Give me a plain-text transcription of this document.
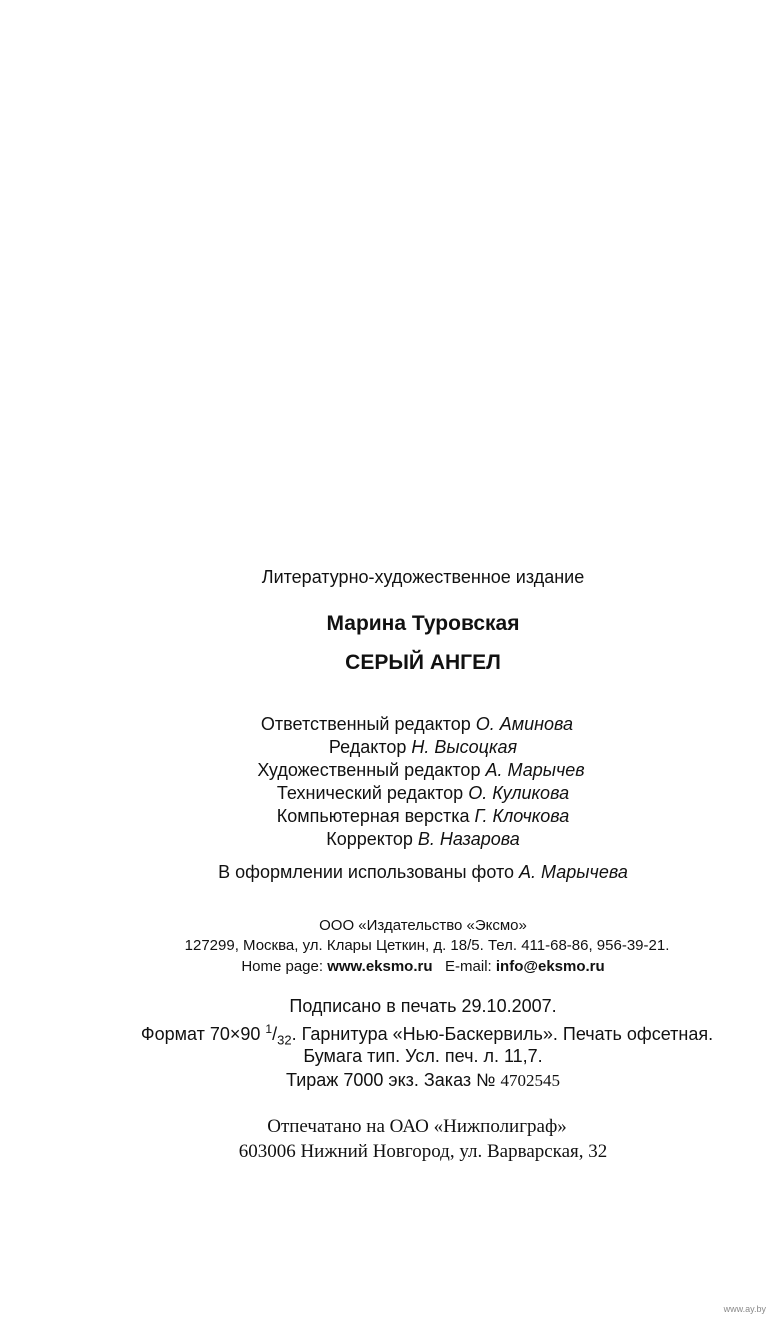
Литературно-художественное издание
Марина Туровская
СЕРЫЙ АНГЕЛ
Ответственный редактор О. Аминова
Редактор Н. Высоцкая
Художественный редактор А. Марычев
Технический редактор О. Куликова
Компьютерная верстка Г. Клочкова
Корректор В. Назарова
В оформлении использованы фото А. Марычева
ООО «Издательство «Эксмо»
127299, Москва, ул. Клары Цеткин, д. 18/5. Тел. 411-68-86, 956-39-21.
Home page: www.eksmo.ru E-mail: info@eksmo.ru
Подписано в печать 29.10.2007.
Формат 70×90 $^1/_{32}$. Гарнитура «Нью-Баскервиль». Печать офсетная.
Бумага тип. Усл. печ. л. 11,7.
Тираж 7000 экз. Заказ № 4702545
Отпечатано на ОАО «Нижполиграф»
603006 Нижний Новгород, ул. Варварская, 32
www.ay.by
